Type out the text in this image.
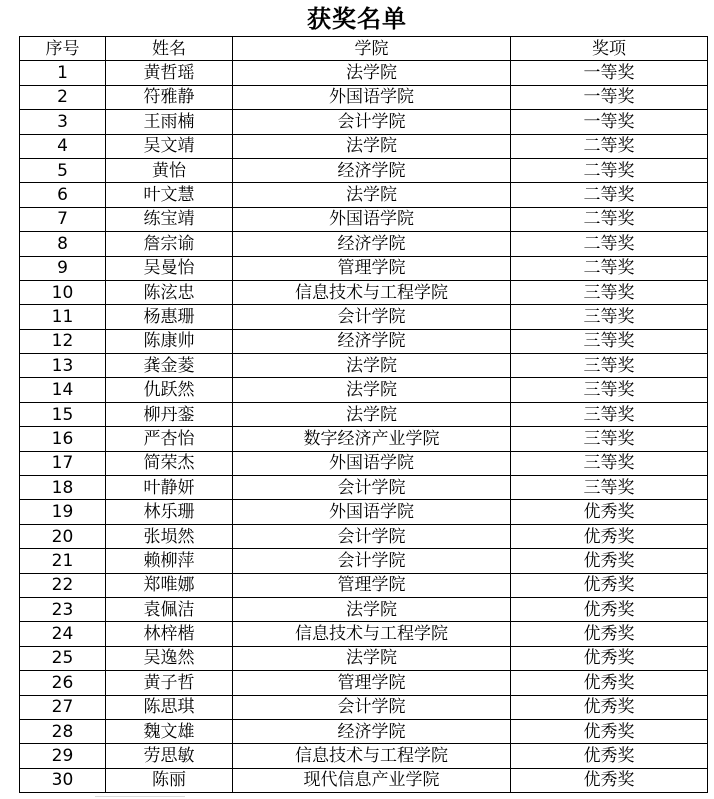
获奖名单
序号	姓名	学院	奖项
1	黄哲瑶	法学院	一等奖
2	符雅静	外国语学院	一等奖
3	王雨楠	会计学院	一等奖
4	吴文靖	法学院	二等奖
5	黄怡	经济学院	二等奖
6	叶文慧	法学院	二等奖
7	练宝靖	外国语学院	二等奖
8	詹宗谕	经济学院	二等奖
9	吴曼怡	管理学院	二等奖
10	陈泫忠	信息技术与工程学院	三等奖
11	杨惠珊	会计学院	三等奖
12	陈康帅	经济学院	三等奖
13	龚金菱	法学院	三等奖
14	仇跃然	法学院	三等奖
15	柳丹銮	法学院	三等奖
16	严杏怡	数字经济产业学院	三等奖
17	简荣杰	外国语学院	三等奖
18	叶静妍	会计学院	三等奖
19	林乐珊	外国语学院	优秀奖
20	张埙然	会计学院	优秀奖
21	赖柳萍	会计学院	优秀奖
22	郑唯娜	管理学院	优秀奖
23	袁佩洁	法学院	优秀奖
24	林梓楷	信息技术与工程学院	优秀奖
25	吴逸然	法学院	优秀奖
26	黄子哲	管理学院	优秀奖
27	陈思琪	会计学院	优秀奖
28	魏文雄	经济学院	优秀奖
29	劳思敏	信息技术与工程学院	优秀奖
30	陈丽	现代信息产业学院	优秀奖
